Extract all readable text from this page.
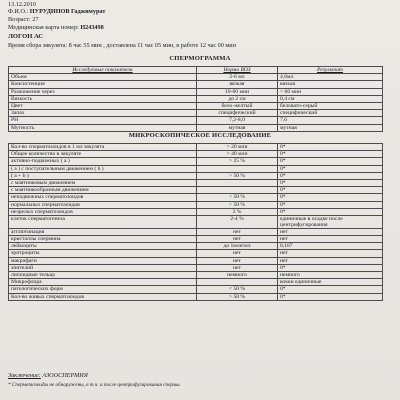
13.12.2010
Ф.И.О.: НУРУДИНОВ Гаджимурат
Возраст: 27
Медицинская карта номер: Н243498
ЛОГОН АС
Время сбора эякулята: 8 час 55 мин , доставлена 11 час 05 мин, в работе 12 час 00 мин
СПЕРМОГРАММА
Исследуемые показатели	Норма ВОЗ	Результат
Объем	2-6 мл	4,6мл
Консистенция	вязкая	вязкая
Разжижение через	10-60 мин	< 60 мин
Вязкость	до 2 см	0,4 см
Цвет	бело-желтый	беловато-серый
Запах	специфический	специфический
PH	7,2-8,0	7,6
Мутность	мутная	мутная
МИКРОСКОПИЧЕСКОЕ ИССЛЕДОВАНИЕ
Кол-во сперматозоидов в 1 мл эякулята	> 20 млн	0*
Общее количество в эякуляте	> 40 млн	0*
активно-подвижных ( a )	> 25 %	0*
( a ) с поступательным движением ( b )		0*
( a + b )	> 50 %	0*
с маятниковым движением		0*
с маятникообразным движением		0*
неподвижных сперматозоидов	< 50 %	0*
нормальных сперматозоидов	> 50 %	0*
незрелых сперматозоидов	2 %	0*
клеток сперматогенеза	2-4 %	единичные в осадке после центрифугирования
агглютинация	нет	нет
кристаллы спермина	нет	нет
лейкоциты	до 1млн/мл	0,187
эритроциты	нет	нет
макрофаги	нет	нет
эпителий	нет	0*
липоидные тельца	немного	немного
Микрофлора		кокки единичные
патологических форм	< 50 %	0*
Кол-во живых сперматозоидов	> 50 %	0*
Заключение: АЗООСПЕРМИЯ
* Сперматозоиды не обнаружены, в т.ч. и после центрифугирования спермы.
